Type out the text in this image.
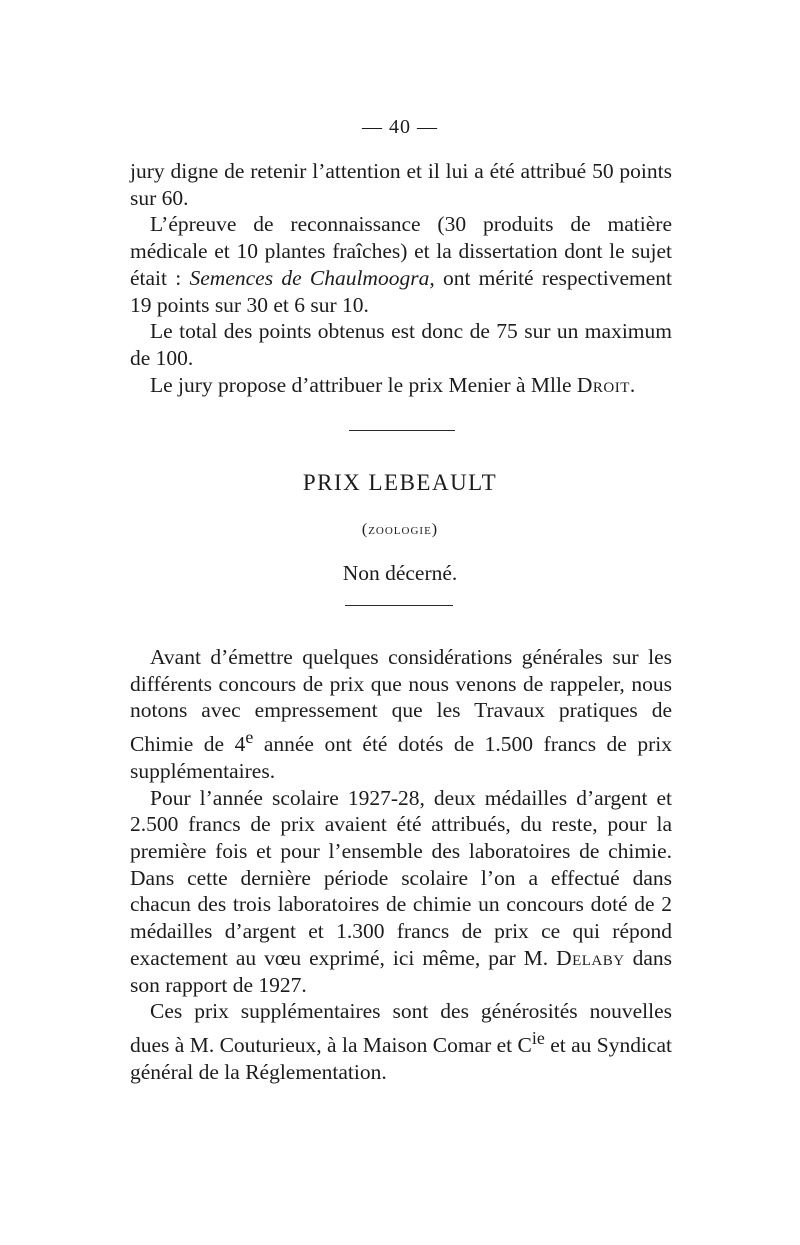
— 40 —

jury digne de retenir l’attention et il lui a été attribué 50 points sur 60.

L’épreuve de reconnaissance (30 produits de matière médicale et 10 plantes fraîches) et la dissertation dont le sujet était : Semences de Chaulmoogra, ont mérité respectivement 19 points sur 30 et 6 sur 10.

Le total des points obtenus est donc de 75 sur un maximum de 100.

Le jury propose d’attribuer le prix Menier à Mlle Droit.

PRIX LEBEAULT
(zoologie)
Non décerné.

Avant d’émettre quelques considérations générales sur les différents concours de prix que nous venons de rappeler, nous notons avec empressement que les Travaux pratiques de Chimie de 4e année ont été dotés de 1.500 francs de prix supplémentaires.

Pour l’année scolaire 1927-28, deux médailles d’argent et 2.500 francs de prix avaient été attribués, du reste, pour la première fois et pour l’ensemble des laboratoires de chimie. Dans cette dernière période scolaire l’on a effectué dans chacun des trois laboratoires de chimie un concours doté de 2 médailles d’argent et 1.300 francs de prix ce qui répond exactement au vœu exprimé, ici même, par M. Delaby dans son rapport de 1927.

Ces prix supplémentaires sont des générosités nouvelles dues à M. Couturieux, à la Maison Comar et $C^{ie}$ et au Syndicat général de la Réglementation.
